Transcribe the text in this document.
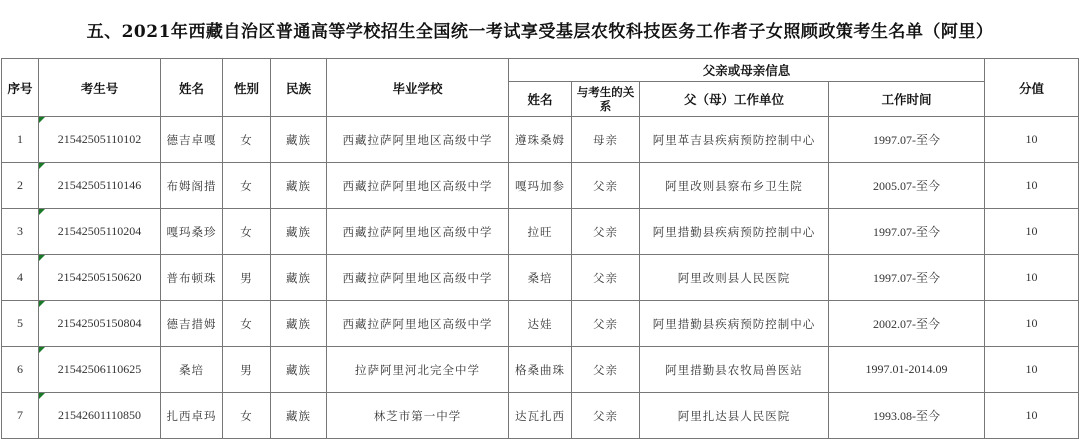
五、2021年西藏自治区普通高等学校招生全国统一考试享受基层农牧科技医务工作者子女照顾政策考生名单（阿里）
序号	考生号	姓名	性别	民族	毕业学校	父亲或母亲信息				分值
						姓名	与考生的关系	父（母）工作单位	工作时间	
1	21542505110102	德吉卓嘎	女	藏族	西藏拉萨阿里地区高级中学	遵珠桑姆	母亲	阿里革吉县疾病预防控制中心	1997.07-至今	10
2	21542505110146	布姆阁措	女	藏族	西藏拉萨阿里地区高级中学	嘎玛加参	父亲	阿里改则县察布乡卫生院	2005.07-至今	10
3	21542505110204	嘎玛桑珍	女	藏族	西藏拉萨阿里地区高级中学	拉旺	父亲	阿里措勤县疾病预防控制中心	1997.07-至今	10
4	21542505150620	普布顿珠	男	藏族	西藏拉萨阿里地区高级中学	桑培	父亲	阿里改则县人民医院	1997.07-至今	10
5	21542505150804	德吉措姆	女	藏族	西藏拉萨阿里地区高级中学	达娃	父亲	阿里措勤县疾病预防控制中心	2002.07-至今	10
6	21542506110625	桑培	男	藏族	拉萨阿里河北完全中学	格桑曲珠	父亲	阿里措勤县农牧局兽医站	1997.01-2014.09	10
7	21542601110850	扎西卓玛	女	藏族	林芝市第一中学	达瓦扎西	父亲	阿里扎达县人民医院	1993.08-至今	10
